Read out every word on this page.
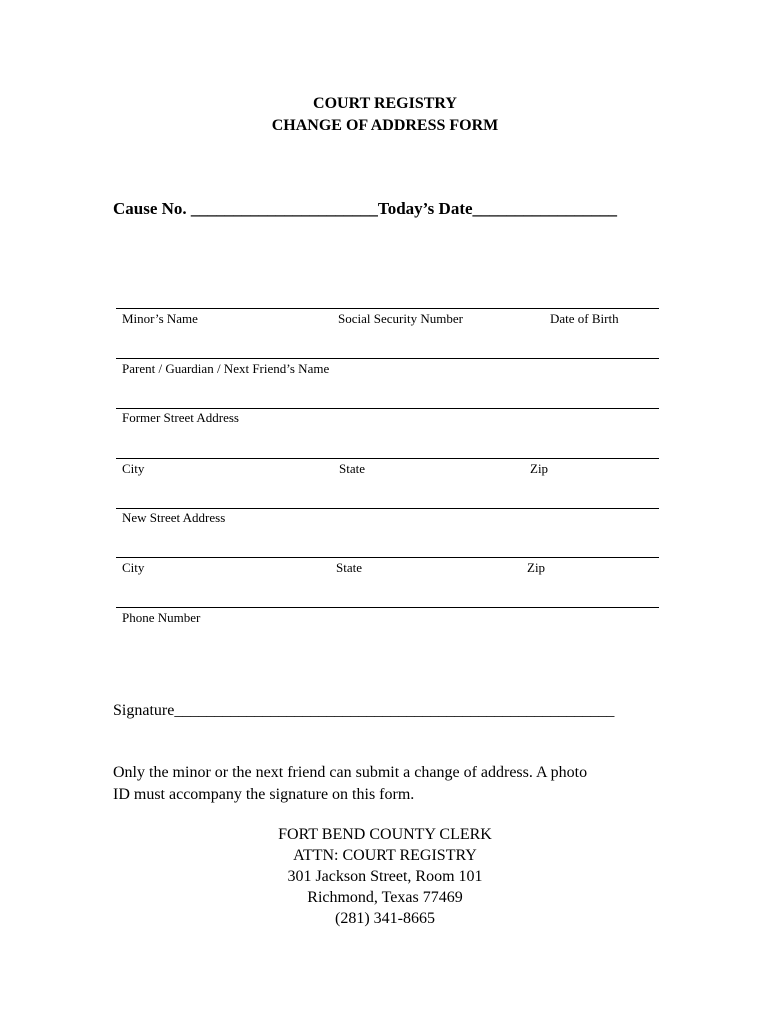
COURT REGISTRY
CHANGE OF ADDRESS FORM
Cause No. ______________________Today’s Date_________________
Minor’s Name	Social Security Number	Date of Birth
Parent / Guardian / Next Friend’s Name
Former Street Address
City	State	Zip
New Street Address
City	State	Zip
Phone Number
Signature_______________________________________________________
Only the minor or the next friend can submit a change of address. A photo
ID must accompany the signature on this form.
FORT BEND COUNTY CLERK
ATTN: COURT REGISTRY
301 Jackson Street, Room 101
Richmond, Texas 77469
(281) 341-8665
